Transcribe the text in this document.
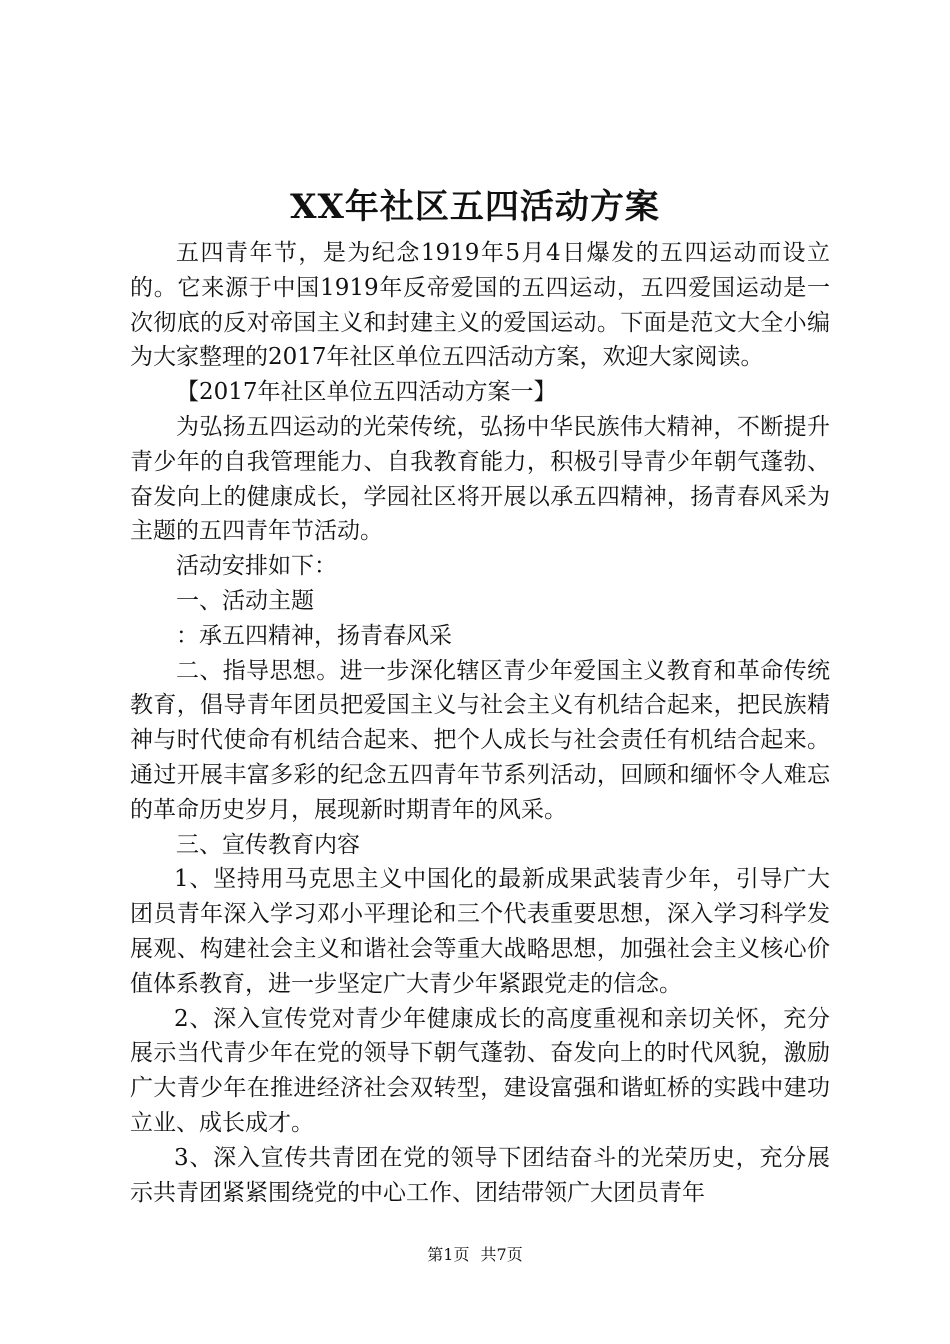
XX年社区五四活动方案

五四青年节，是为纪念1919年5月4日爆发的五四运动而设立的。它来源于中国1919年反帝爱国的五四运动，五四爱国运动是一次彻底的反对帝国主义和封建主义的爱国运动。下面是范文大全小编为大家整理的2017年社区单位五四活动方案，欢迎大家阅读。

【2017年社区单位五四活动方案一】

为弘扬五四运动的光荣传统，弘扬中华民族伟大精神，不断提升青少年的自我管理能力、自我教育能力，积极引导青少年朝气蓬勃、奋发向上的健康成长，学园社区将开展以承五四精神，扬青春风采为主题的五四青年节活动。

活动安排如下：

一、活动主题

：承五四精神，扬青春风采

二、指导思想。进一步深化辖区青少年爱国主义教育和革命传统教育，倡导青年团员把爱国主义与社会主义有机结合起来，把民族精神与时代使命有机结合起来、把个人成长与社会责任有机结合起来。通过开展丰富多彩的纪念五四青年节系列活动，回顾和缅怀令人难忘的革命历史岁月，展现新时期青年的风采。

三、宣传教育内容

1、坚持用马克思主义中国化的最新成果武装青少年，引导广大团员青年深入学习邓小平理论和三个代表重要思想，深入学习科学发展观、构建社会主义和谐社会等重大战略思想，加强社会主义核心价值体系教育，进一步坚定广大青少年紧跟党走的信念。

2、深入宣传党对青少年健康成长的高度重视和亲切关怀，充分展示当代青少年在党的领导下朝气蓬勃、奋发向上的时代风貌，激励广大青少年在推进经济社会双转型，建设富强和谐虹桥的实践中建功立业、成长成才。

3、深入宣传共青团在党的领导下团结奋斗的光荣历史，充分展示共青团紧紧围绕党的中心工作、团结带领广大团员青年

第1页 共7页
